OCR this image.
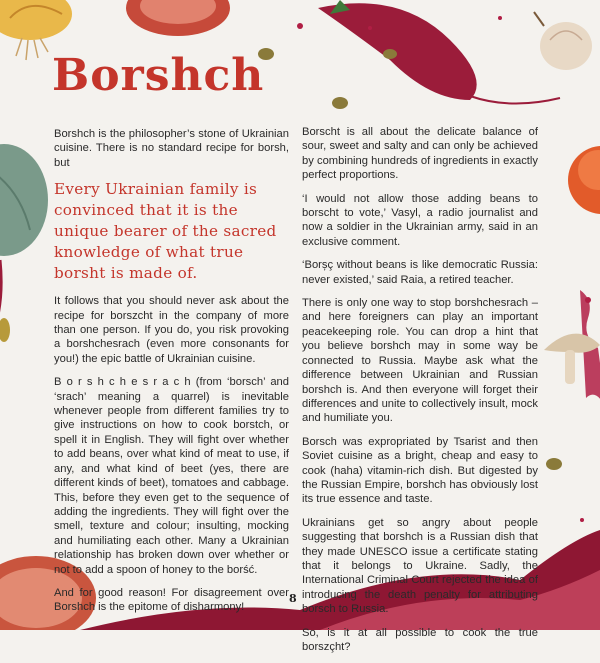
Borshch

Borshch is the philosopher’s stone of Ukrainian cuisine. There is no standard recipe for borsh, but

Every Ukrainian family is convinced that it is the unique bearer of the sacred knowledge of what true borsht is made of.

It follows that you should never ask about the recipe for borszcht in the company of more than one person. If you do, you risk provoking a borshchesrach (even more consonants for you!) the epic battle of Ukrainian cuisine.

B o r s h c h e s r a c h (from ‘borsch’ and ‘srach’ meaning a quarrel) is inevitable whenever people from different families try to give instructions on how to cook borstch, or spell it in English. They will fight over whether to add beans, over what kind of meat to use, if any, and what kind of beet (yes, there are different kinds of beet), tomatoes and cabbage. This, before they even get to the sequence of adding the ingredients. They will fight over the smell, texture and colour; insulting, mocking and humiliating each other. Many a Ukrainian relationship has broken down over whether or not to add a spoon of honey to the borść.

And for good reason! For disagreement over Borshch is the epitome of disharmony!

Borscht is all about the delicate balance of sour, sweet and salty and can only be achieved by combining hundreds of ingredients in exactly perfect proportions.

‘I would not allow those adding beans to borscht to vote,’ Vasyl, a radio journalist and now a soldier in the Ukrainian army, said in an exclusive comment.

‘Borșç without beans is like democratic Russia: never existed,’ said Raia, a retired teacher.

There is only one way to stop borshchesrach – and here foreigners can play an important peacekeeping role. You can drop a hint that you believe borshch may in some way be connected to Russia. Maybe ask what the difference between Ukrainian and Russian borshch is. And then everyone will forget their differences and unite to collectively insult, mock and humiliate you.

Borsch was expropriated by Tsarist and then Soviet cuisine as a bright, cheap and easy to cook (haha) vitamin-rich dish. But digested by the Russian Empire, borshch has obviously lost its true essence and taste.

Ukrainians get so angry about people suggesting that borshch is a Russian dish that they made UNESCO issue a certificate stating that it belongs to Ukraine. Sadly, the International Criminal Court rejected the idea of introducing the death penalty for attributing borsch to Russia.

So, is it at all possible to cook the true borszçht?

8
